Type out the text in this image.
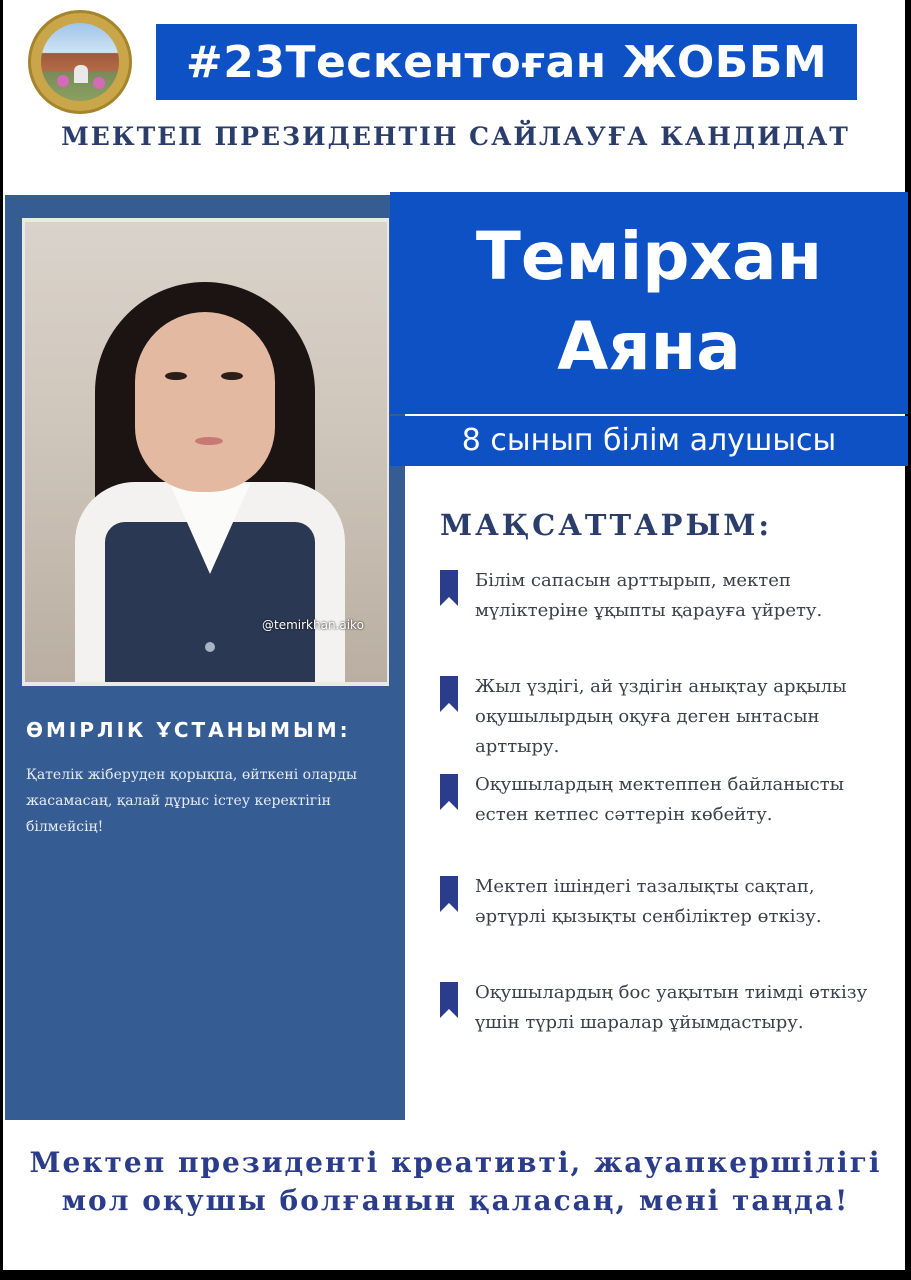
#23Тескентоған ЖОББМ
МЕКТЕП ПРЕЗИДЕНТІН САЙЛАУҒА КАНДИДАТ
@temirkhan.aiko
Темірхан
Аяна
8 сынып білім алушысы
ӨМІРЛІК ҰСТАНЫМЫМ:
Қателік жіберуден қорықпа, өйткені оларды жасамасаң, қалай дұрыс істеу керектігін білмейсің!
МАҚСАТТАРЫМ:
Білім сапасын арттырып, мектеп мүліктеріне ұқыпты қарауға үйрету.
Жыл үздігі, ай үздігін анықтау арқылы оқушылырдың оқуға деген ынтасын арттыру.
Оқушылардың мектеппен байланысты естен кетпес сәттерін көбейту.
Мектеп ішіндегі тазалықты сақтап, әртүрлі қызықты сенбіліктер өткізу.
Оқушылардың бос уақытын тиімді өткізу үшін түрлі шаралар ұйымдастыру.
Мектеп президенті креативті, жауапкершілігі
мол оқушы болғанын қаласаң, мені таңда!
